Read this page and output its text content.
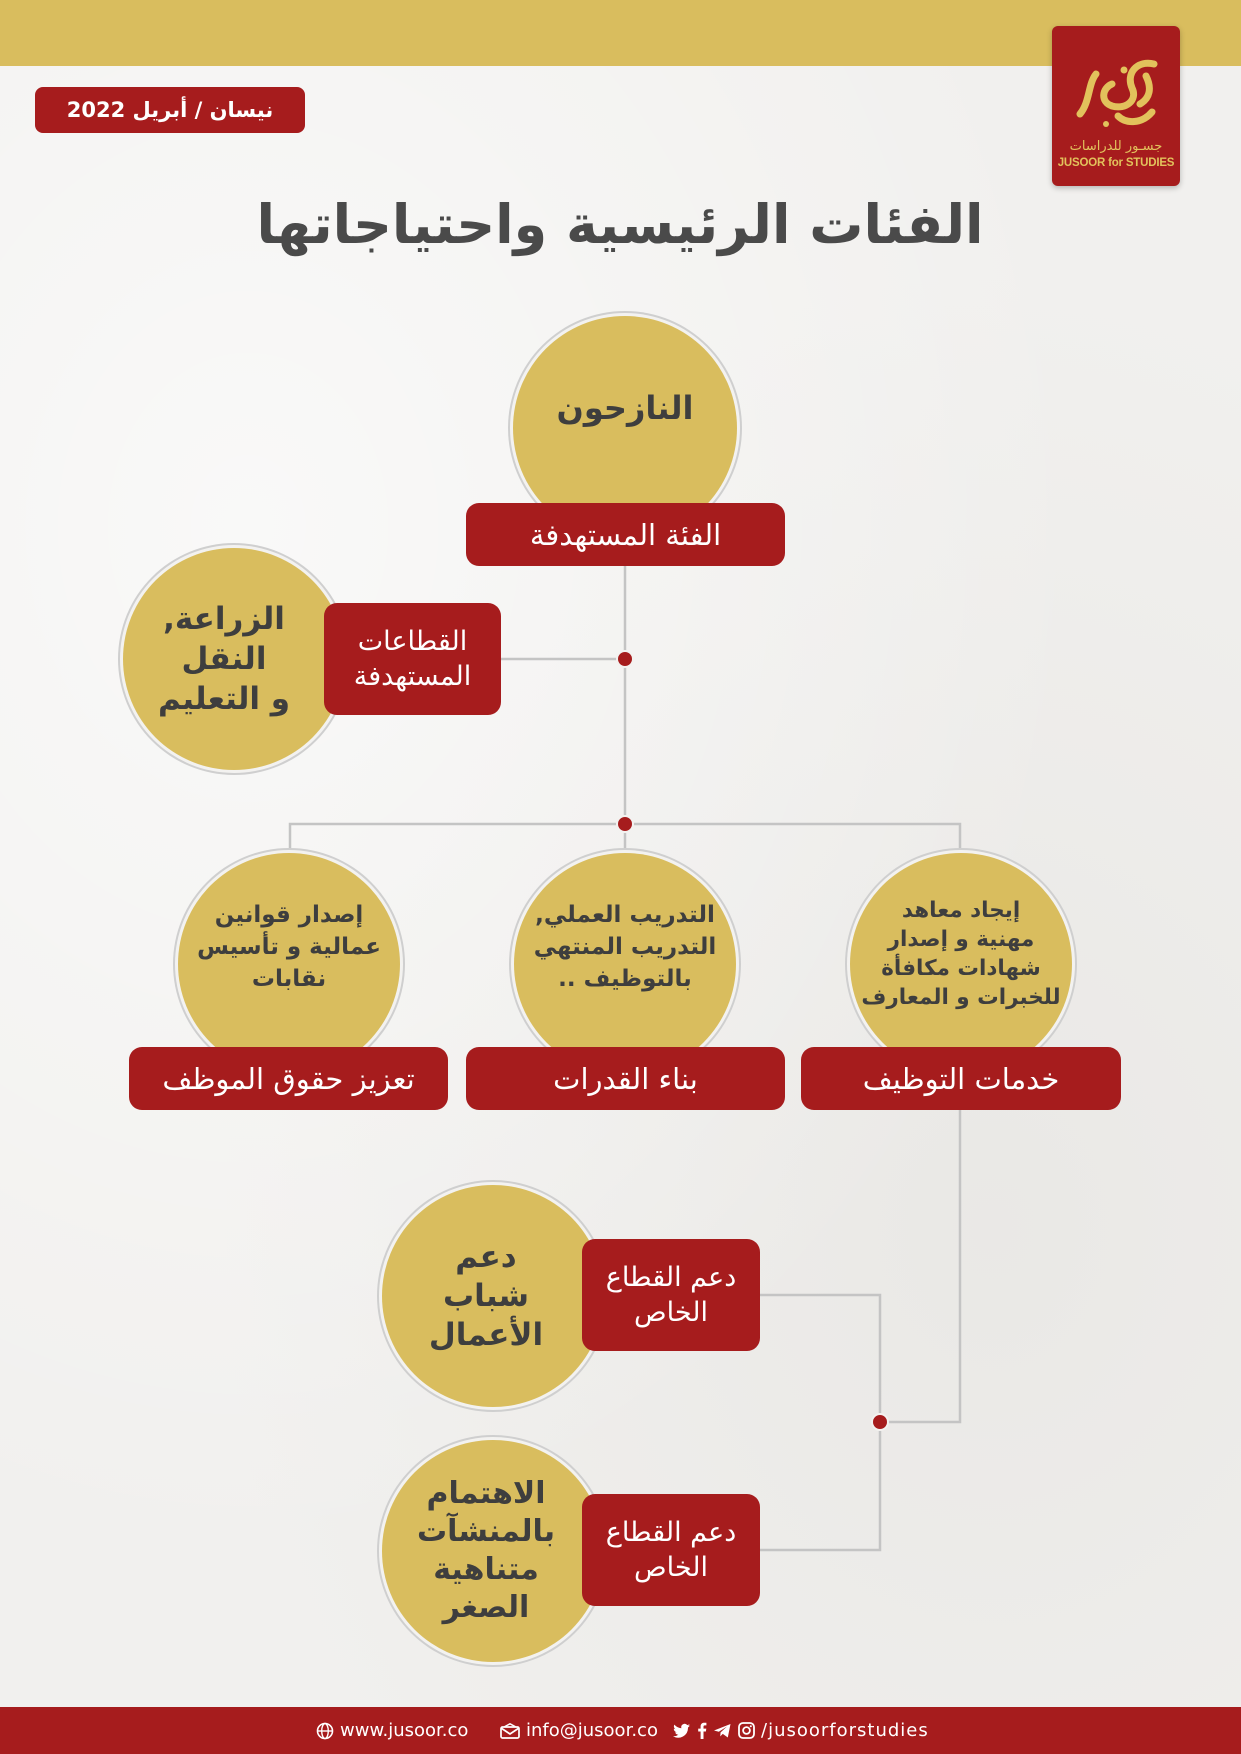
جسـور للدراسات
JUSOOR for STUDIES
نيسان / أبريل 2022
الفئات الرئيسية واحتياجاتها
النازحون
الفئة المستهدفة
الزراعة,
النقل
و التعليم
القطاعات
المستهدفة
إيجاد معاهد
مهنية و إصدار
شهادات مكافأة
للخبرات و المعارف
خدمات التوظيف
التدريب العملي,
التدريب المنتهي
بالتوظيف ..
بناء القدرات
إصدار قوانين
عمالية و تأسيس
نقابات
تعزيز حقوق الموظف
دعم
شباب
الأعمال
دعم القطاع
الخاص
الاهتمام
بالمنشآت
متناهية
الصغر
دعم القطاع
الخاص
www.jusoor.co	info@jusoor.co	/jusoorforstudies
